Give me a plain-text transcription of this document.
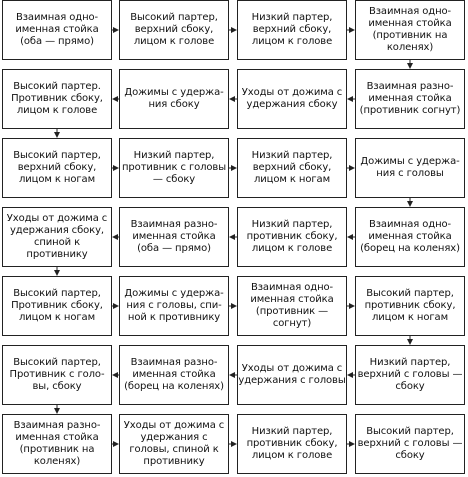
Взаимная одно-
именная стойка
(оба — прямо)
Высокий партер,
верхний сбоку,
лицом к голове
Низкий партер,
верхний сбоку,
лицом к голове
Взаимная одно-
именная стойка
(противник на
коленях)
Высокий партер.
Противник сбоку,
лицом к голове
Дожимы с удержа-
ния сбоку
Уходы от дожима с
удержания сбоку
Взаимная разно-
именная стойка
(противник согнут)
Высокий партер,
верхний сбоку,
лицом к ногам
Низкий партер,
противник с головы
— сбоку
Низкий партер,
верхний сбоку,
лицом к ногам
Дожимы с удержа-
ния с головы
Уходы от дожима с
удержания сбоку,
спиной к противнику
Взаимная разно-
именная стойка
(оба — прямо)
Низкий партер,
противник сбоку,
лицом к голове
Взаимная одно-
именная стойка
(борец на коленях)
Высокий партер,
Противник сбоку,
лицом к ногам
Дожимы с удержа-
ния с головы, спи-
ной к противнику
Взаимная одно-
именная стойка
(противник —
согнут)
Высокий партер,
противник сбоку,
лицом к ногам
Высокий партер,
Противник с голо-
вы, сбоку
Взаимная разно-
именная стойка
(борец на коленях)
Уходы от дожима с
удержания с головы
Низкий партер,
верхний с головы —
сбоку
Взаимная разно-
именная стойка
(противник на
коленях)
Уходы от дожима с
удержания с
головы, спиной к
противнику
Низкий партер,
противник сбоку,
лицом к голове
Высокий партер,
верхний с головы —
сбоку
